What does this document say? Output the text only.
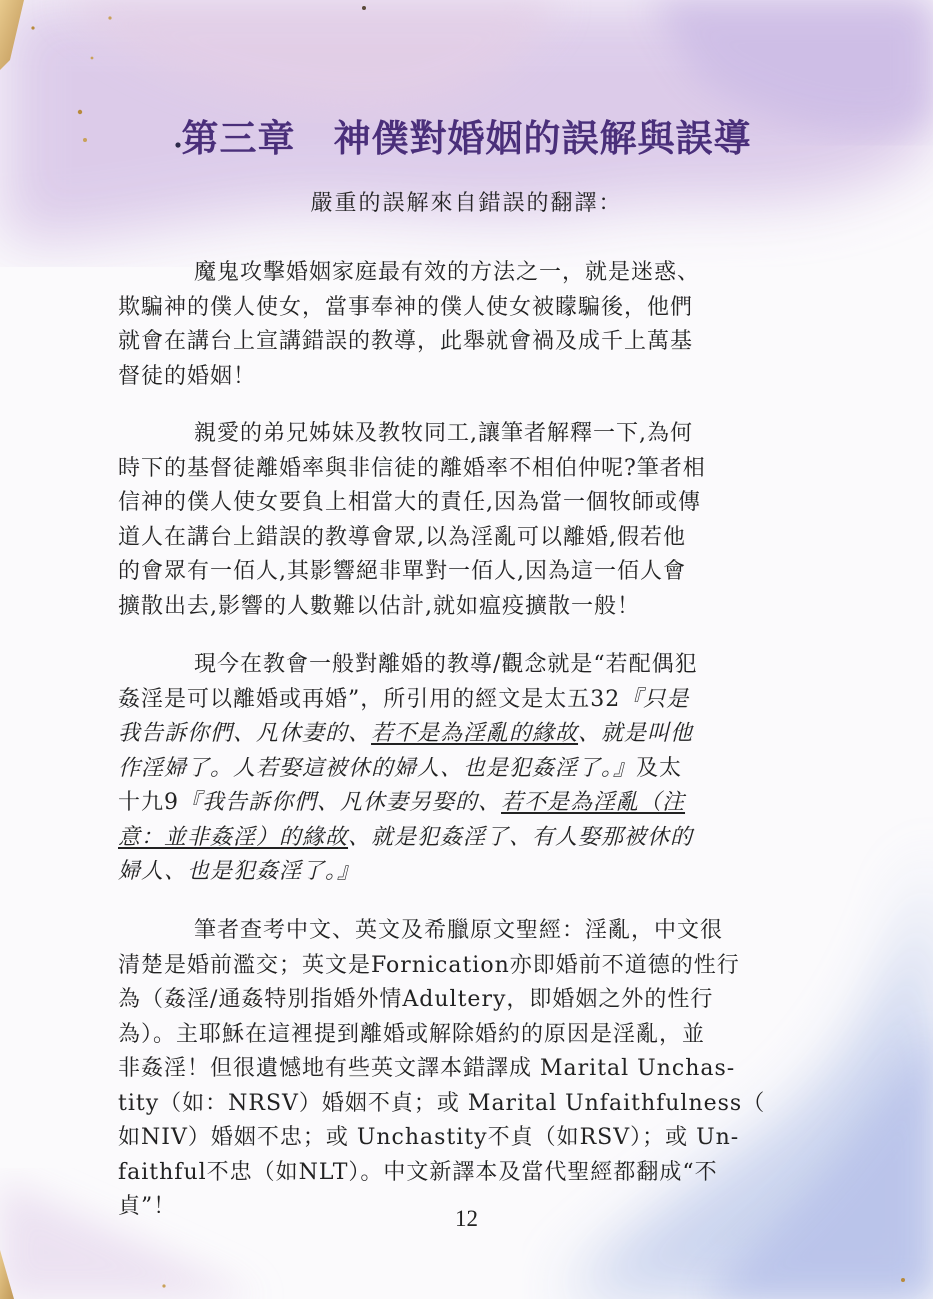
第三章　神僕對婚姻的誤解與誤導
嚴重的誤解來自錯誤的翻譯：
魔鬼攻擊婚姻家庭最有效的方法之一，就是迷惑、
欺騙神的僕人使女，當事奉神的僕人使女被矇騙後，他們
就會在講台上宣講錯誤的教導，此舉就會禍及成千上萬基
督徒的婚姻！
親愛的弟兄姊妹及教牧同工,讓筆者解釋一下,為何
時下的基督徒離婚率與非信徒的離婚率不相伯仲呢?筆者相
信神的僕人使女要負上相當大的責任,因為當一個牧師或傳
道人在講台上錯誤的教導會眾,以為淫亂可以離婚,假若他
的會眾有一佰人,其影響絕非單對一佰人,因為這一佰人會
擴散出去,影響的人數難以估計,就如瘟疫擴散一般！
現今在教會一般對離婚的教導/觀念就是“若配偶犯
姦淫是可以離婚或再婚”，所引用的經文是太五32『只是
我告訴你們、凡休妻的、若不是為淫亂的緣故、就是叫他
作淫婦了。人若娶這被休的婦人、也是犯姦淫了。』及太
十九9『我告訴你們、凡休妻另娶的、若不是為淫亂（注
意：並非姦淫）的緣故、就是犯姦淫了、有人娶那被休的
婦人、也是犯姦淫了。』
筆者查考中文、英文及希臘原文聖經：淫亂，中文很
清楚是婚前濫交；英文是Fornication亦即婚前不道德的性行
為（姦淫/通姦特別指婚外情Adultery，即婚姻之外的性行
為）。主耶穌在這裡提到離婚或解除婚約的原因是淫亂，並
非姦淫！但很遺憾地有些英文譯本錯譯成 Marital Unchas-
tity（如：NRSV）婚姻不貞；或 Marital Unfaithfulness（
如NIV）婚姻不忠；或 Unchastity不貞（如RSV）；或 Un-
faithful不忠（如NLT）。中文新譯本及當代聖經都翻成“不
貞”！	12
